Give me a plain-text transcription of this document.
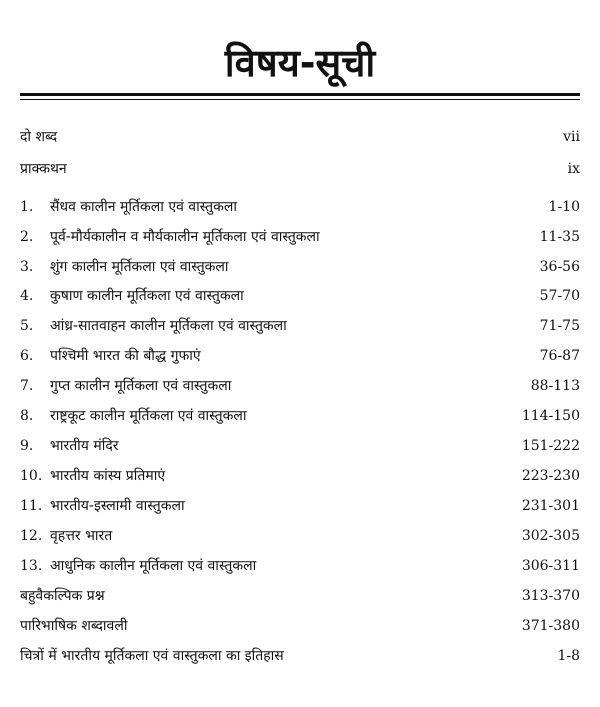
विषय-सूची
दो शब्द	vii
प्राक्कथन	ix
1.	सैंधव कालीन मूर्तिकला एवं वास्तुकला	1-10
2.	पूर्व-मौर्यकालीन व मौर्यकालीन मूर्तिकला एवं वास्तुकला	11-35
3.	शुंग कालीन मूर्तिकला एवं वास्तुकला	36-56
4.	कुषाण कालीन मूर्तिकला एवं वास्तुकला	57-70
5.	आंध्र-सातवाहन कालीन मूर्तिकला एवं वास्तुकला	71-75
6.	पश्चिमी भारत की बौद्ध गुफाएं	76-87
7.	गुप्त कालीन मूर्तिकला एवं वास्तुकला	88-113
8.	राष्ट्रकूट कालीन मूर्तिकला एवं वास्तुकला	114-150
9.	भारतीय मंदिर	151-222
10. भारतीय कांस्य प्रतिमाएं	223-230
11. भारतीय-इस्लामी वास्तुकला	231-301
12. वृहत्तर भारत	302-305
13. आधुनिक कालीन मूर्तिकला एवं वास्तुकला	306-311
बहुवैकल्पिक प्रश्न	313-370
पारिभाषिक शब्दावली	371-380
चित्रों में भारतीय मूर्तिकला एवं वास्तुकला का इतिहास	1-8
